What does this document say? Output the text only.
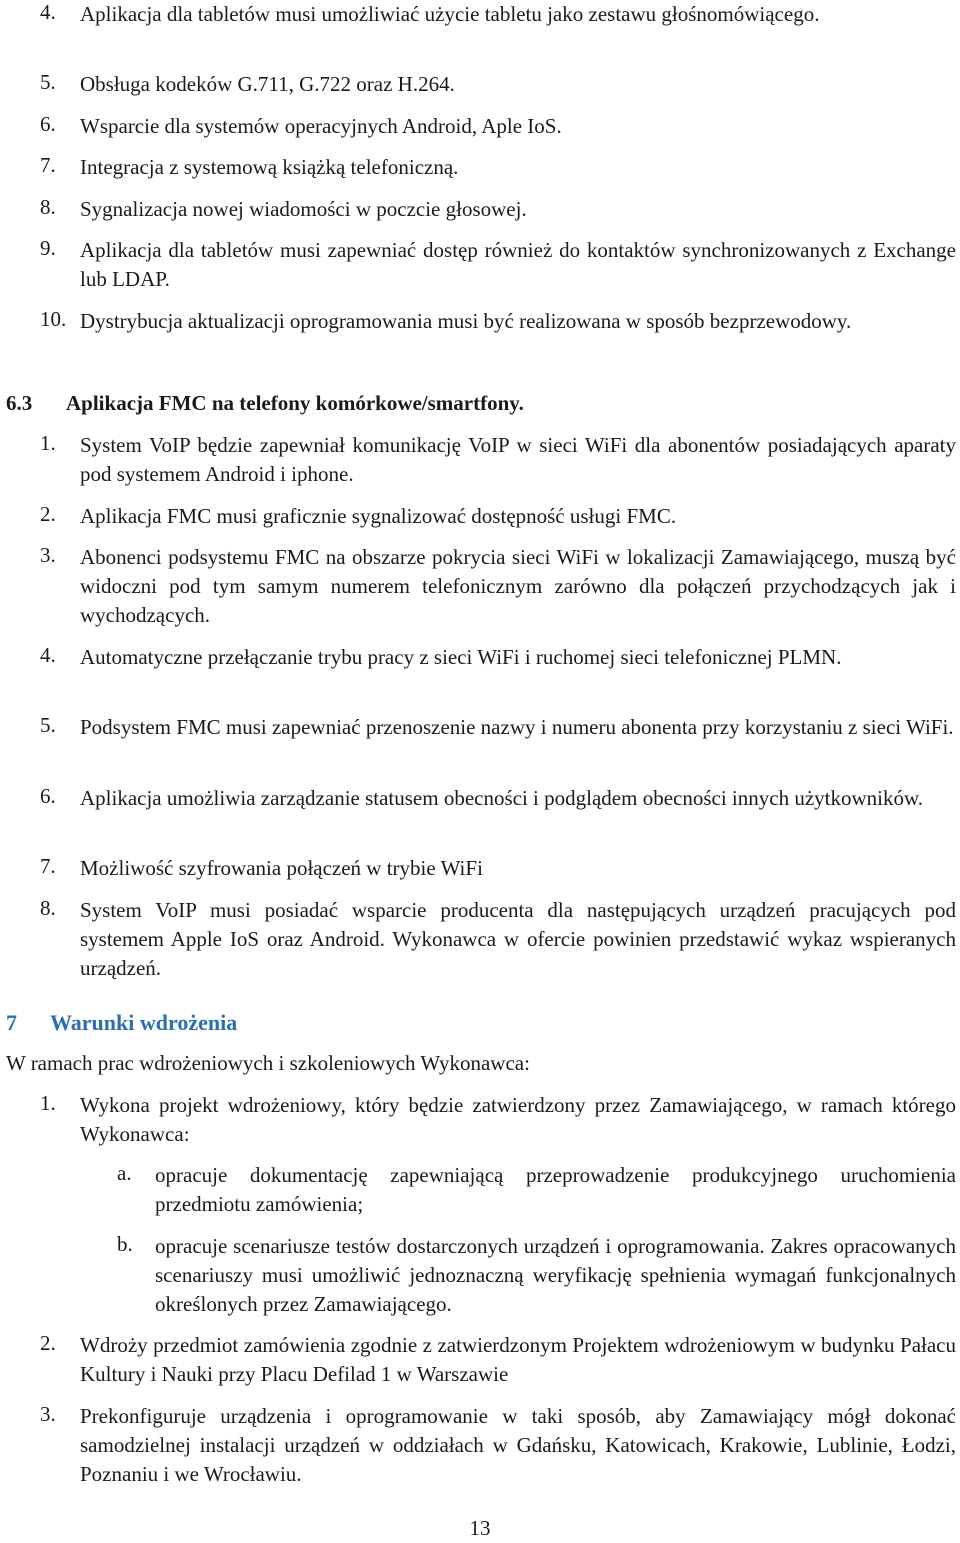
4. Aplikacja dla tabletów musi umożliwiać użycie tabletu jako zestawu głośnomówiącego.
5. Obsługa kodeków G.711, G.722 oraz H.264.
6. Wsparcie dla systemów operacyjnych Android, Aple IoS.
7. Integracja z systemową książką telefoniczną.
8. Sygnalizacja nowej wiadomości w poczcie głosowej.
9. Aplikacja dla tabletów musi zapewniać dostęp również do kontaktów synchronizowanych z Exchange lub LDAP.
10. Dystrybucja aktualizacji oprogramowania musi być realizowana w sposób bezprzewodowy.
6.3 Aplikacja FMC na telefony komórkowe/smartfony.
1. System VoIP będzie zapewniał komunikację VoIP w sieci WiFi dla abonentów posiadających aparaty pod systemem Android i iphone.
2. Aplikacja FMC musi graficznie sygnalizować dostępność usługi FMC.
3. Abonenci podsystemu FMC na obszarze pokrycia sieci WiFi w lokalizacji Zamawiającego, muszą być widoczni pod tym samym numerem telefonicznym zarówno dla połączeń przychodzących jak i wychodzących.
4. Automatyczne przełączanie trybu pracy z sieci WiFi i ruchomej sieci telefonicznej PLMN.
5. Podsystem FMC musi zapewniać przenoszenie nazwy i numeru abonenta przy korzystaniu z sieci WiFi.
6. Aplikacja umożliwia zarządzanie statusem obecności i podglądem obecności innych użytkowników.
7. Możliwość szyfrowania połączeń w trybie WiFi
8. System VoIP musi posiadać wsparcie producenta dla następujących urządzeń pracujących pod systemem Apple IoS oraz Android. Wykonawca w ofercie powinien przedstawić wykaz wspieranych urządzeń.
7 Warunki wdrożenia
W ramach prac wdrożeniowych i szkoleniowych Wykonawca:
1. Wykona projekt wdrożeniowy, który będzie zatwierdzony przez Zamawiającego, w ramach którego Wykonawca:
a. opracuje dokumentację zapewniającą przeprowadzenie produkcyjnego uruchomienia przedmiotu zamówienia;
b. opracuje scenariusze testów dostarczonych urządzeń i oprogramowania. Zakres opracowanych scenariuszy musi umożliwić jednoznaczną weryfikację spełnienia wymagań funkcjonalnych określonych przez Zamawiającego.
2. Wdroży przedmiot zamówienia zgodnie z zatwierdzonym Projektem wdrożeniowym w budynku Pałacu Kultury i Nauki przy Placu Defilad 1 w Warszawie
3. Prekonfiguruje urządzenia i oprogramowanie w taki sposób, aby Zamawiający mógł dokonać samodzielnej instalacji urządzeń w oddziałach w Gdańsku, Katowicach, Krakowie, Lublinie, Łodzi, Poznaniu i we Wrocławiu.
13
